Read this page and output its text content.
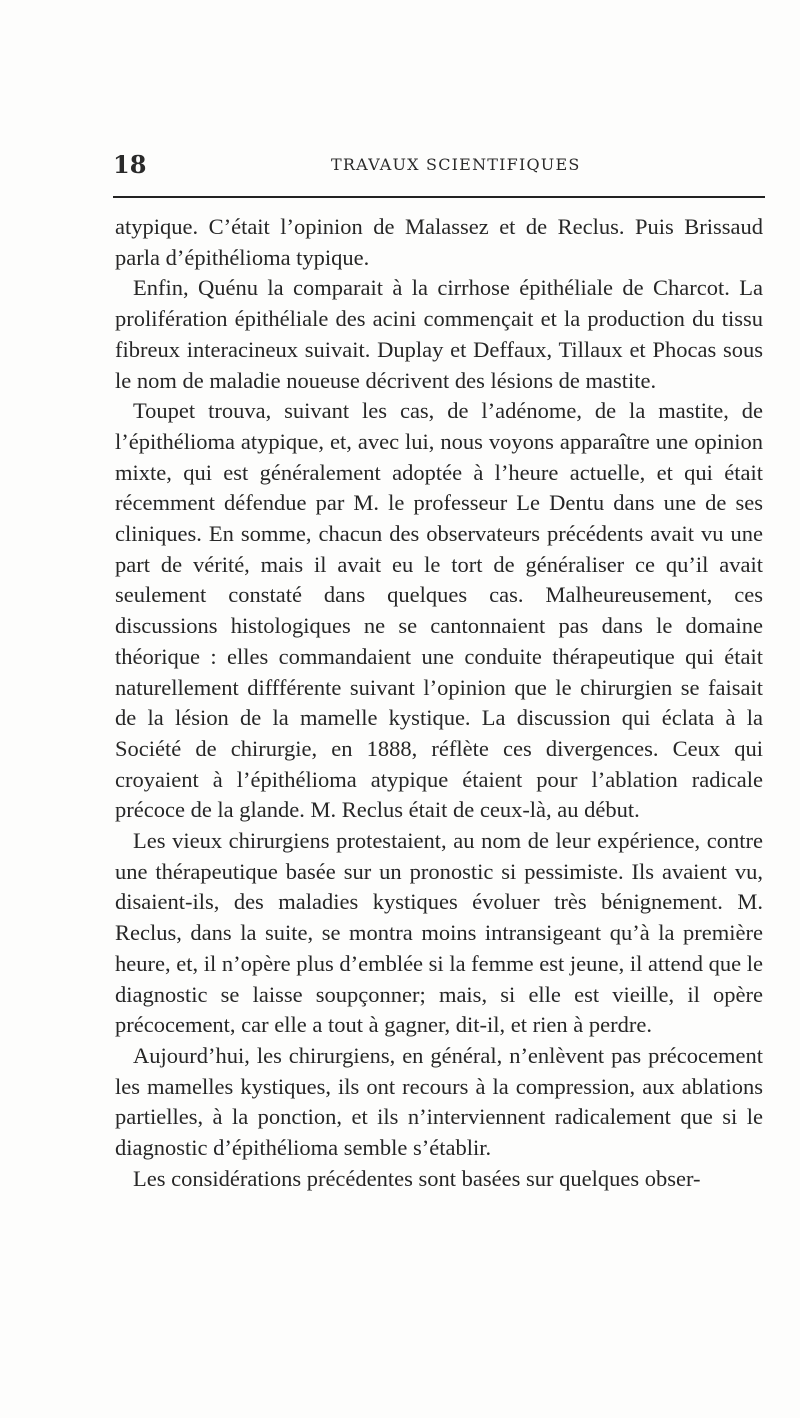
18	TRAVAUX SCIENTIFIQUES

atypique. C’était l’opinion de Malassez et de Reclus. Puis Brissaud parla d’épithélioma typique.

Enfin, Quénu la comparait à la cirrhose épithéliale de Charcot. La prolifération épithéliale des acini commençait et la production du tissu fibreux interacineux suivait. Duplay et Deffaux, Tillaux et Phocas sous le nom de maladie noueuse décrivent des lésions de mastite.

Toupet trouva, suivant les cas, de l’adénome, de la mastite, de l’épithélioma atypique, et, avec lui, nous voyons apparaître une opinion mixte, qui est généralement adoptée à l’heure actuelle, et qui était récemment défendue par M. le professeur Le Dentu dans une de ses cliniques. En somme, chacun des observateurs précédents avait vu une part de vérité, mais il avait eu le tort de généraliser ce qu’il avait seulement constaté dans quelques cas. Malheureusement, ces discussions histologiques ne se cantonnaient pas dans le domaine théorique : elles commandaient une conduite thérapeutique qui était naturellement diffférente suivant l’opinion que le chirurgien se faisait de la lésion de la mamelle kystique. La discussion qui éclata à la Société de chirurgie, en 1888, réflète ces divergences. Ceux qui croyaient à l’épithélioma atypique étaient pour l’ablation radicale précoce de la glande. M. Reclus était de ceux-là, au début.

Les vieux chirurgiens protestaient, au nom de leur expérience, contre une thérapeutique basée sur un pronostic si pessimiste. Ils avaient vu, disaient-ils, des maladies kystiques évoluer très bénignement. M. Reclus, dans la suite, se montra moins intransigeant qu’à la première heure, et, il n’opère plus d’emblée si la femme est jeune, il attend que le diagnostic se laisse soupçonner; mais, si elle est vieille, il opère précocement, car elle a tout à gagner, dit-il, et rien à perdre.

Aujourd’hui, les chirurgiens, en général, n’enlèvent pas précocement les mamelles kystiques, ils ont recours à la compression, aux ablations partielles, à la ponction, et ils n’interviennent radicalement que si le diagnostic d’épithélioma semble s’établir.

Les considérations précédentes sont basées sur quelques obser-
